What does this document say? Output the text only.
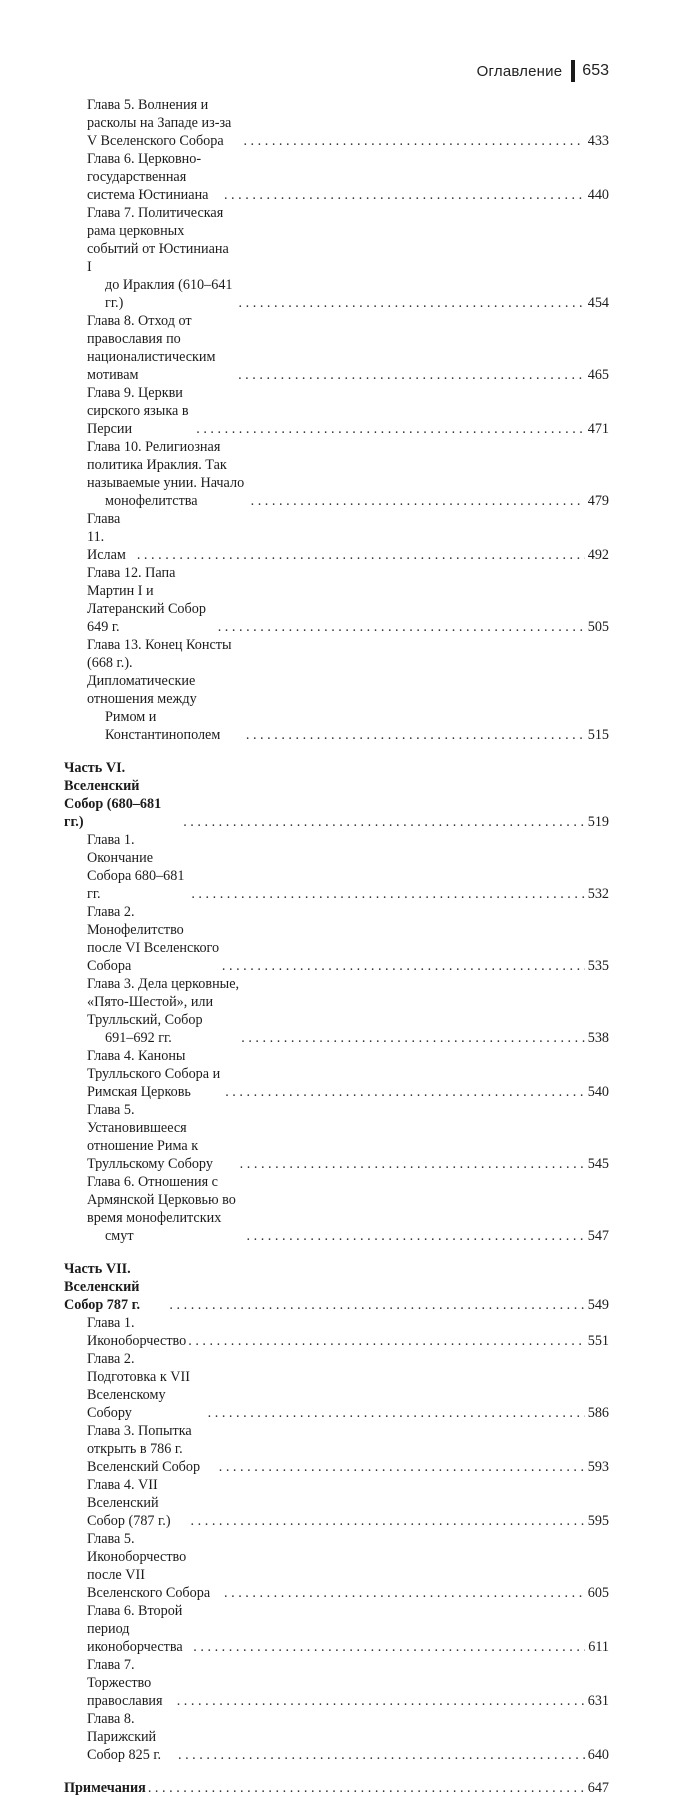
Оглавление 653
Глава 5. Волнения и расколы на Западе из-за V Вселенского Собора . . .	433
Глава 6. Церковно-государственная система Юстиниана . . .	440
Глава 7. Политическая рама церковных событий от Юстиниана I
до Ираклия (610–641 гг.) . . .	454
Глава 8. Отход от православия по националистическим мотивам . . .	465
Глава 9. Церкви сирского языка в Персии . . .	471
Глава 10. Религиозная политика Ираклия. Так называемые унии. Начало
монофелитства . . .	479
Глава 11. Ислам . . .	492
Глава 12. Папа Мартин I и Латеранский Собор 649 г. . . .	505
Глава 13. Конец Консты (668 г.). Дипломатические отношения между
Римом и Константинополем . . .	515
Часть VI. Вселенский Собор (680–681 гг.) . . .	519
Глава 1. Окончание Собора 680–681 гг. . . .	532
Глава 2. Монофелитство после VI Вселенского Собора . . .	535
Глава 3. Дела церковные, «Пято-Шестой», или Трулльский, Собор
691–692 гг. . . .	538
Глава 4. Каноны Трулльского Собора и Римская Церковь . . .	540
Глава 5. Установившееся отношение Рима к Трулльскому Собору . . .	545
Глава 6. Отношения с Армянской Церковью во время монофелитских
смут . . .	547
Часть VII. Вселенский Собор 787 г. . . .	549
Глава 1. Иконоборчество . . .	551
Глава 2. Подготовка к VII Вселенскому Собору . . .	586
Глава 3. Попытка открыть в 786 г. Вселенский Собор . . .	593
Глава 4. VII Вселенский Собор (787 г.) . . .	595
Глава 5. Иконоборчество после VII Вселенского Собора . . .	605
Глава 6. Второй период иконоборчества . . .	611
Глава 7. Торжество православия . . .	631
Глава 8. Парижский Собор 825 г. . . .	640
Примечания . . .	647
